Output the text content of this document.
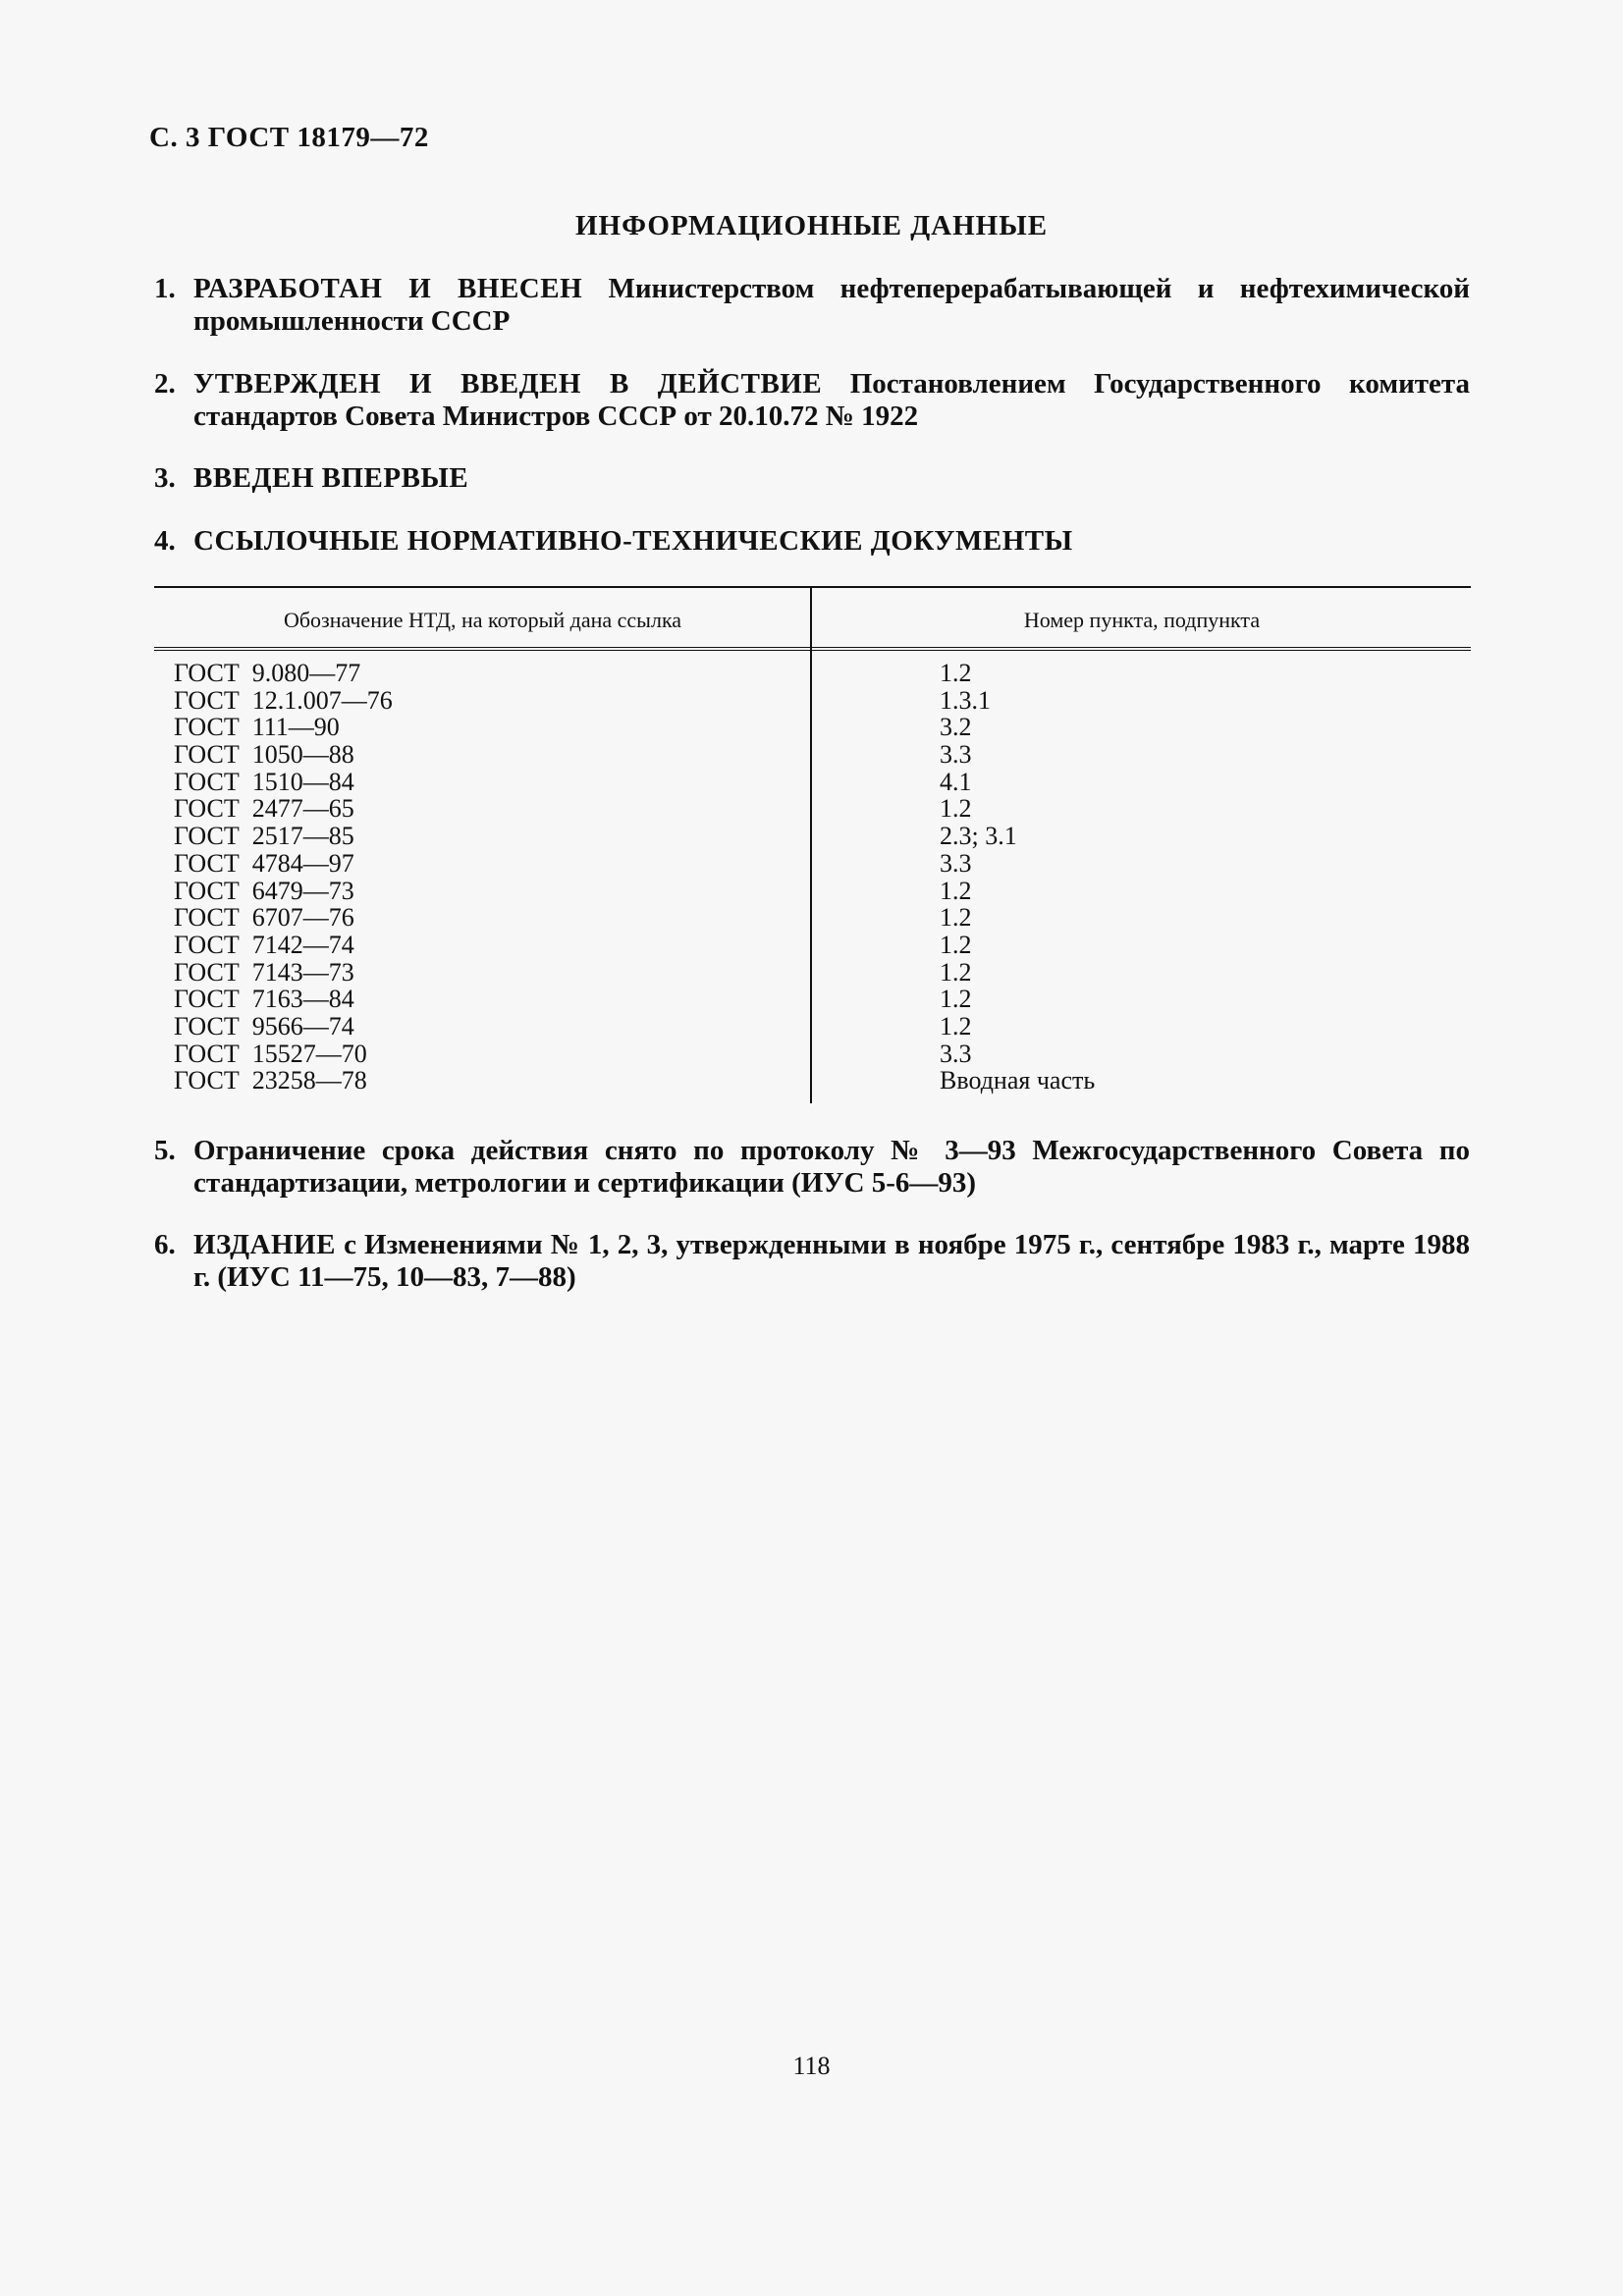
С. 3 ГОСТ 18179—72
ИНФОРМАЦИОННЫЕ ДАННЫЕ
1. РАЗРАБОТАН И ВНЕСЕН Министерством нефтеперерабатывающей и нефтехимической промышленности СССР
2. УТВЕРЖДЕН И ВВЕДЕН В ДЕЙСТВИЕ Постановлением Государственного комитета стандартов Совета Министров СССР от 20.10.72 № 1922
3. ВВЕДЕН ВПЕРВЫЕ
4. ССЫЛОЧНЫЕ НОРМАТИВНО-ТЕХНИЧЕСКИЕ ДОКУМЕНТЫ
Обозначение НТД, на который дана ссылка	Номер пункта, подпункта
ГОСТ  9.080—77	1.2
ГОСТ  12.1.007—76	1.3.1
ГОСТ  111—90	3.2
ГОСТ  1050—88	3.3
ГОСТ  1510—84	4.1
ГОСТ  2477—65	1.2
ГОСТ  2517—85	2.3; 3.1
ГОСТ  4784—97	3.3
ГОСТ  6479—73	1.2
ГОСТ  6707—76	1.2
ГОСТ  7142—74	1.2
ГОСТ  7143—73	1.2
ГОСТ  7163—84	1.2
ГОСТ  9566—74	1.2
ГОСТ  15527—70	3.3
ГОСТ  23258—78	Вводная часть
5. Ограничение срока действия снято по протоколу № 3—93 Межгосударственного Совета по стандартизации, метрологии и сертификации (ИУС 5-6—93)
6. ИЗДАНИЕ с Изменениями № 1, 2, 3, утвержденными в ноябре 1975 г., сентябре 1983 г., марте 1988 г. (ИУС 11—75, 10—83, 7—88)
118
